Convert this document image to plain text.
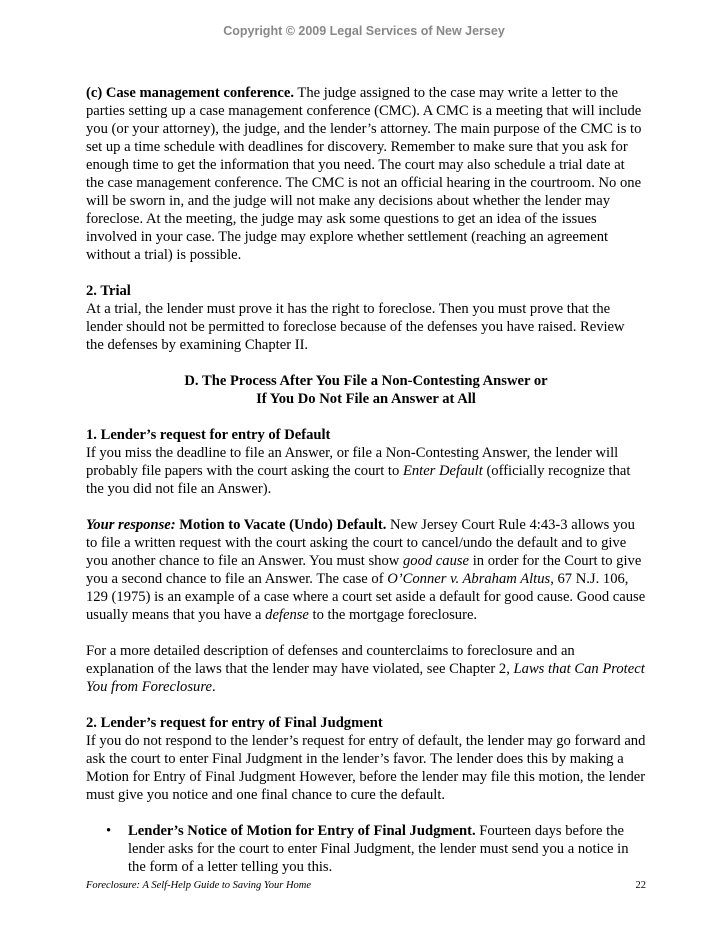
Copyright © 2009 Legal Services of New Jersey

(c) Case management conference. The judge assigned to the case may write a letter to the parties setting up a case management conference (CMC). A CMC is a meeting that will include you (or your attorney), the judge, and the lender’s attorney. The main purpose of the CMC is to set up a time schedule with deadlines for discovery. Remember to make sure that you ask for enough time to get the information that you need. The court may also schedule a trial date at the case management conference. The CMC is not an official hearing in the courtroom. No one will be sworn in, and the judge will not make any decisions about whether the lender may foreclose. At the meeting, the judge may ask some questions to get an idea of the issues involved in your case. The judge may explore whether settlement (reaching an agreement without a trial) is possible.

2. Trial
At a trial, the lender must prove it has the right to foreclose. Then you must prove that the lender should not be permitted to foreclose because of the defenses you have raised. Review the defenses by examining Chapter II.

D. The Process After You File a Non-Contesting Answer or
If You Do Not File an Answer at All

1. Lender’s request for entry of Default
If you miss the deadline to file an Answer, or file a Non-Contesting Answer, the lender will probably file papers with the court asking the court to Enter Default (officially recognize that the you did not file an Answer).

Your response: Motion to Vacate (Undo) Default. New Jersey Court Rule 4:43-3 allows you to file a written request with the court asking the court to cancel/undo the default and to give you another chance to file an Answer. You must show good cause in order for the Court to give you a second chance to file an Answer. The case of O’Conner v. Abraham Altus, 67 N.J. 106, 129 (1975) is an example of a case where a court set aside a default for good cause. Good cause usually means that you have a defense to the mortgage foreclosure.

For a more detailed description of defenses and counterclaims to foreclosure and an explanation of the laws that the lender may have violated, see Chapter 2, Laws that Can Protect You from Foreclosure.

2. Lender’s request for entry of Final Judgment
If you do not respond to the lender’s request for entry of default, the lender may go forward and ask the court to enter Final Judgment in the lender’s favor. The lender does this by making a Motion for Entry of Final Judgment However, before the lender may file this motion, the lender must give you notice and one final chance to cure the default.

• Lender’s Notice of Motion for Entry of Final Judgment. Fourteen days before the lender asks for the court to enter Final Judgment, the lender must send you a notice in the form of a letter telling you this.
Foreclosure: A Self-Help Guide to Saving Your Home	22
